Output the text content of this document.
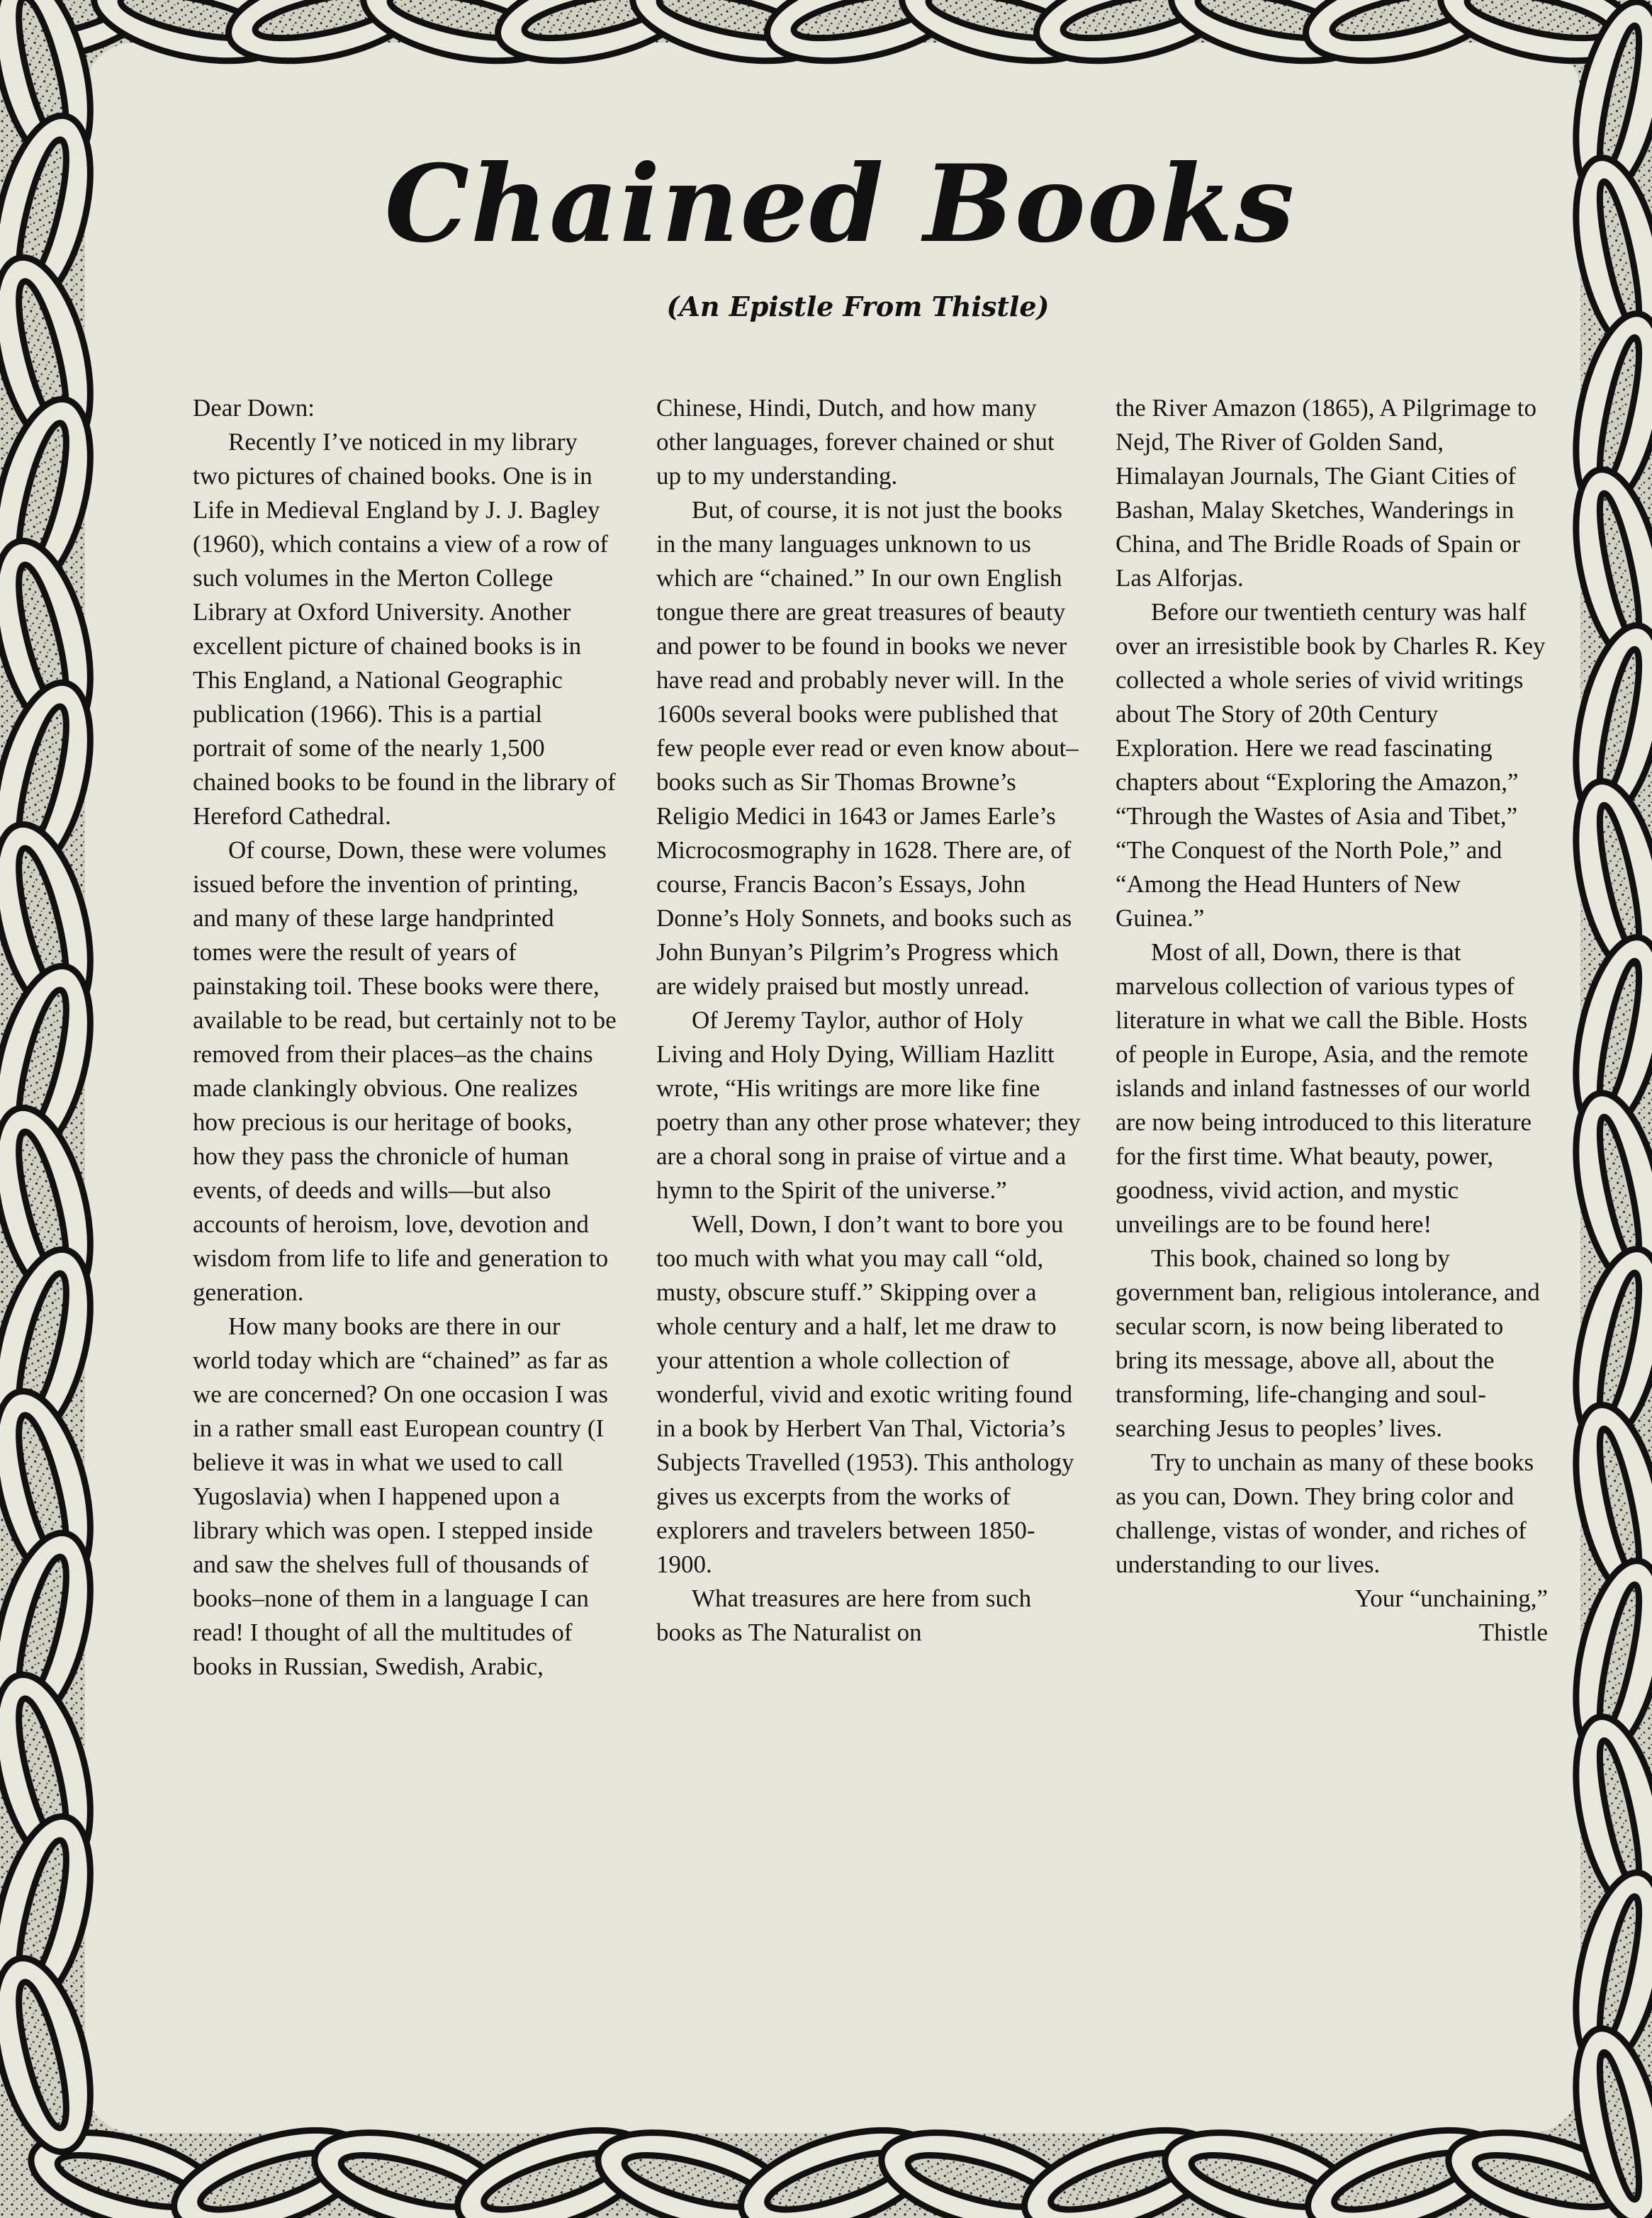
Chained Books
(An Epistle From Thistle)

Dear Down:

Recently I’ve noticed in my library two pictures of chained books. One is in Life in Medieval England by J. J. Bagley (1960), which contains a view of a row of such volumes in the Merton College Library at Oxford University. Another excellent picture of chained books is in This England, a National Geographic publication (1966). This is a partial portrait of some of the nearly 1,500 chained books to be found in the library of Hereford Cathedral.

Of course, Down, these were volumes issued before the invention of printing, and many of these large handprinted tomes were the result of years of painstaking toil. These books were there, available to be read, but certainly not to be removed from their places–as the chains made clankingly obvious. One realizes how precious is our heritage of books, how they pass the chronicle of human events, of deeds and wills—but also accounts of heroism, love, devotion and wisdom from life to life and generation to generation.

How many books are there in our world today which are “chained” as far as we are concerned? On one occasion I was in a rather small east European country (I believe it was in what we used to call Yugoslavia) when I happened upon a library which was open. I stepped inside and saw the shelves full of thousands of books–none of them in a language I can read! I thought of all the multitudes of books in Russian, Swedish, Arabic,

Chinese, Hindi, Dutch, and how many other languages, forever chained or shut up to my understanding.

But, of course, it is not just the books in the many languages unknown to us which are “chained.” In our own English tongue there are great treasures of beauty and power to be found in books we never have read and probably never will. In the 1600s several books were published that few people ever read or even know about–books such as Sir Thomas Browne’s Religio Medici in 1643 or James Earle’s Microcosmography in 1628. There are, of course, Francis Bacon’s Essays, John Donne’s Holy Sonnets, and books such as John Bunyan’s Pilgrim’s Progress which are widely praised but mostly unread.

Of Jeremy Taylor, author of Holy Living and Holy Dying, William Hazlitt wrote, “His writings are more like fine poetry than any other prose whatever; they are a choral song in praise of virtue and a hymn to the Spirit of the universe.”

Well, Down, I don’t want to bore you too much with what you may call “old, musty, obscure stuff.” Skipping over a whole century and a half, let me draw to your attention a whole collection of wonderful, vivid and exotic writing found in a book by Herbert Van Thal, Victoria’s Subjects Travelled (1953). This anthology gives us excerpts from the works of explorers and travelers between 1850-1900.

What treasures are here from such books as The Naturalist on

the River Amazon (1865), A Pilgrimage to Nejd, The River of Golden Sand, Himalayan Journals, The Giant Cities of Bashan, Malay Sketches, Wanderings in China, and The Bridle Roads of Spain or Las Alforjas.

Before our twentieth century was half over an irresistible book by Charles R. Key collected a whole series of vivid writings about The Story of 20th Century Exploration. Here we read fascinating chapters about “Exploring the Amazon,” “Through the Wastes of Asia and Tibet,” “The Conquest of the North Pole,” and “Among the Head Hunters of New Guinea.”

Most of all, Down, there is that marvelous collection of various types of literature in what we call the Bible. Hosts of people in Europe, Asia, and the remote islands and inland fastnesses of our world are now being introduced to this literature for the first time. What beauty, power, goodness, vivid action, and mystic unveilings are to be found here!

This book, chained so long by government ban, religious intolerance, and secular scorn, is now being liberated to bring its message, above all, about the transforming, life-changing and soul-searching Jesus to peoples’ lives.

Try to unchain as many of these books as you can, Down. They bring color and challenge, vistas of wonder, and riches of understanding to our lives.

Your “unchaining,”

Thistle
